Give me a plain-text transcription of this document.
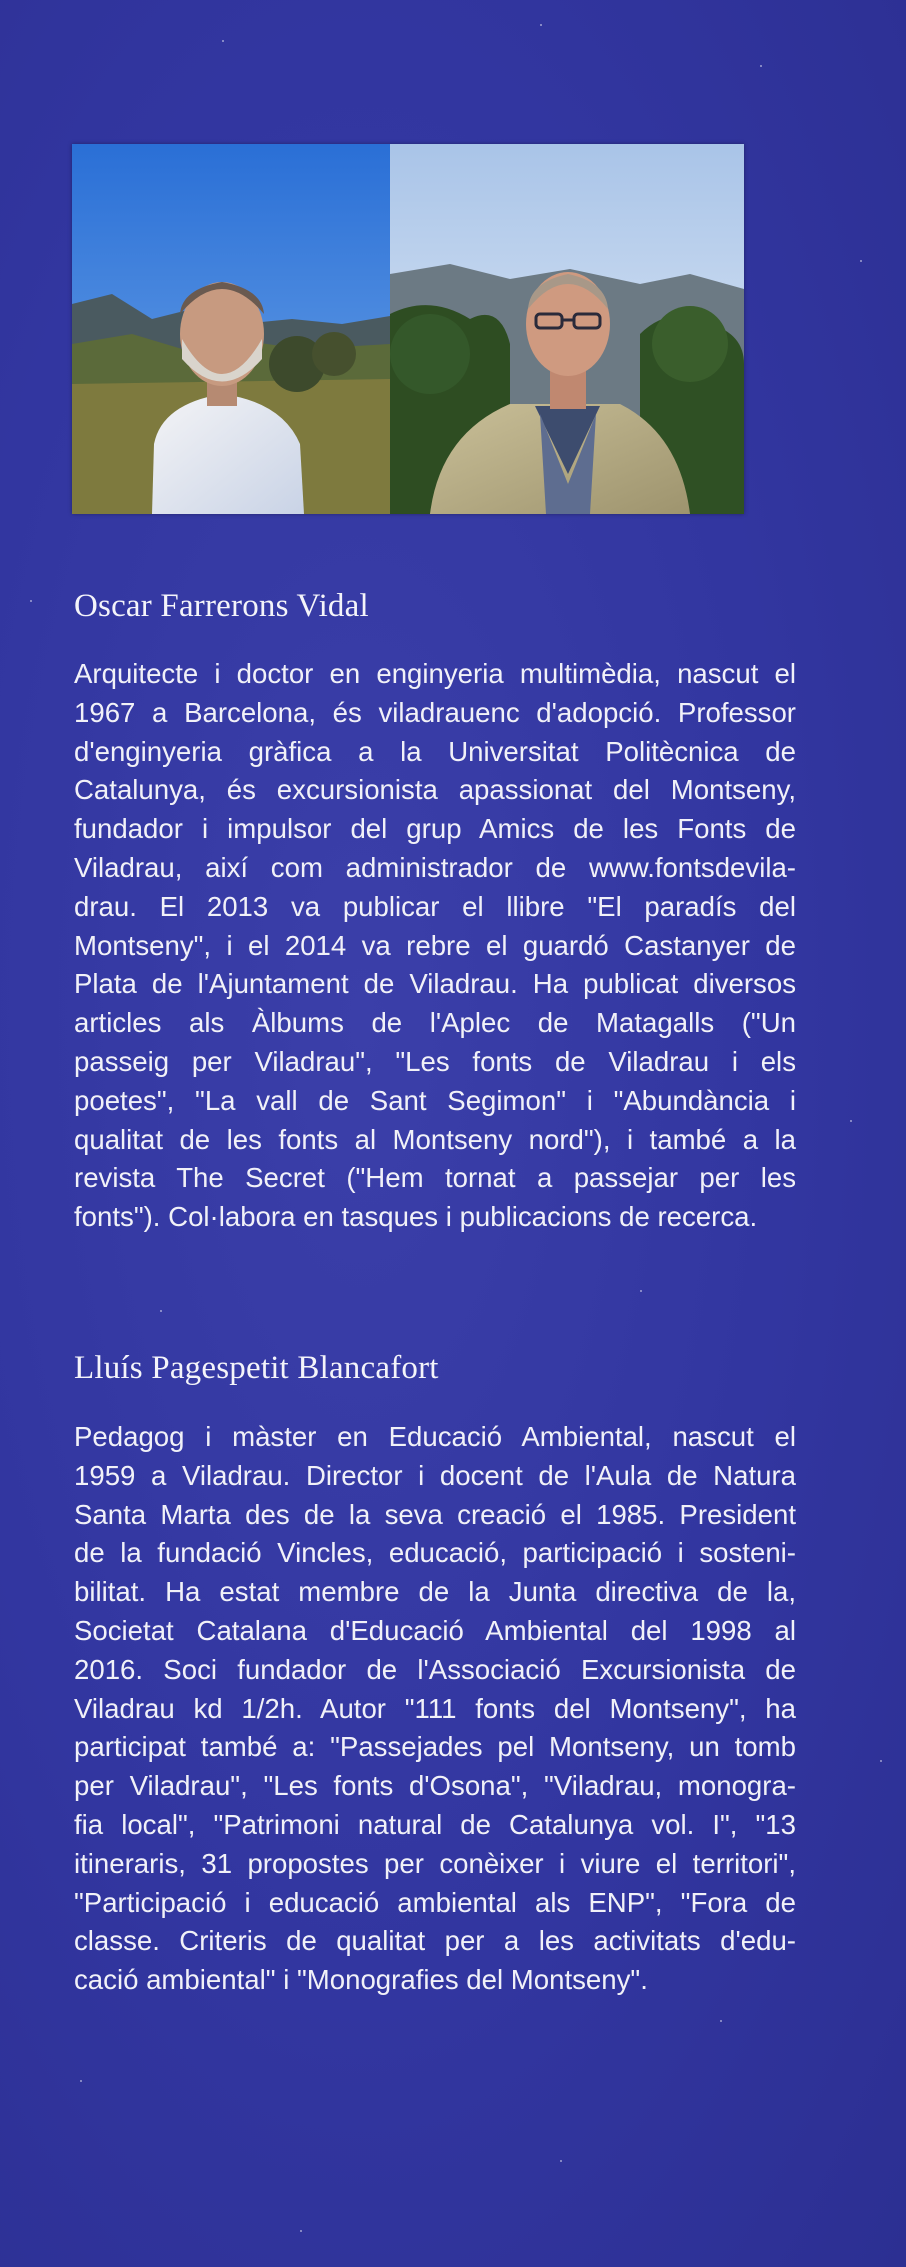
Oscar Farrerons Vidal

Arquitecte i doctor en enginyeria multimèdia, nascut el
1967 a Barcelona, és viladrauenc d'adopció. Professor
d'enginyeria gràfica a la Universitat Politècnica de
Catalunya, és excursionista apassionat del Montseny,
fundador i impulsor del grup Amics de les Fonts de
Viladrau, així com administrador de www.fontsdevila-
drau. El 2013 va publicar el llibre "El paradís del
Montseny", i el 2014 va rebre el guardó Castanyer de
Plata de l'Ajuntament de Viladrau. Ha publicat diversos
articles als Àlbums de l'Aplec de Matagalls ("Un
passeig per Viladrau", "Les fonts de Viladrau i els
poetes", "La vall de Sant Segimon" i "Abundància i
qualitat de les fonts al Montseny nord"), i també a la
revista The Secret ("Hem tornat a passejar per les
fonts"). Col·labora en tasques i publicacions de recerca.

Lluís Pagespetit Blancafort

Pedagog i màster en Educació Ambiental, nascut el
1959 a Viladrau. Director i docent de l'Aula de Natura
Santa Marta des de la seva creació el 1985. President
de la fundació Vincles, educació, participació i sosteni-
bilitat. Ha estat membre de la Junta directiva de la,
Societat Catalana d'Educació Ambiental del 1998 al
2016. Soci fundador de l'Associació Excursionista de
Viladrau kd 1/2h. Autor "111 fonts del Montseny", ha
participat també a: "Passejades pel Montseny, un tomb
per Viladrau", "Les fonts d'Osona", "Viladrau, monogra-
fia local", "Patrimoni natural de Catalunya vol. I", "13
itineraris, 31 propostes per conèixer i viure el territori",
"Participació i educació ambiental als ENP", "Fora de
classe. Criteris de qualitat per a les activitats d'edu-
cació ambiental" i "Monografies del Montseny".
